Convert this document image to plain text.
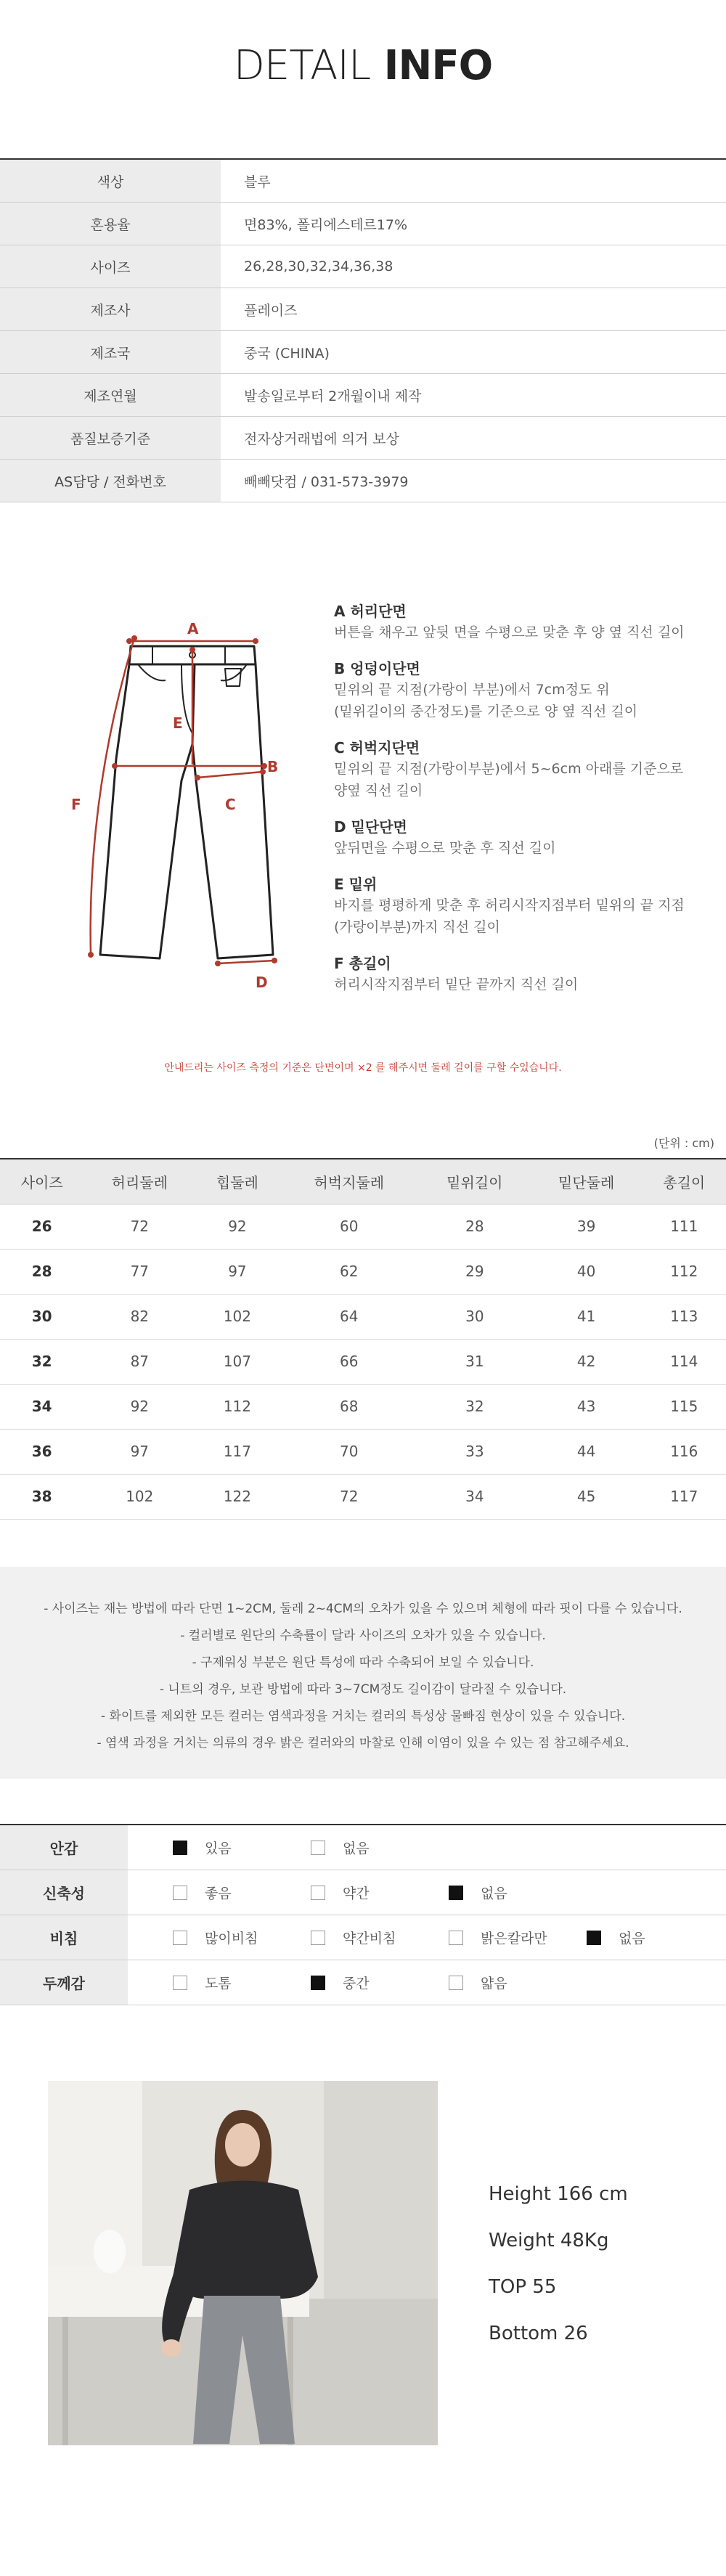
DETAIL INFO
색상	블루
혼용율	면83%, 폴리에스테르17%
사이즈	26,28,30,32,34,36,38
제조사	플레이즈
제조국	중국 (CHINA)
제조연월	발송일로부터 2개월이내 제작
품질보증기준	전자상거래법에 의거 보상
AS담당 / 전화번호	빼빼닷컴 / 031-573-3979
A
B
C
D
E
F
A 허리단면
버튼을 채우고 앞뒷 면을 수평으로 맞춘 후 양 옆 직선 길이
B 엉덩이단면
밑위의 끝 지점(가랑이 부분)에서 7cm정도 위
(밑위길이의 중간정도)를 기준으로 양 옆 직선 길이
C 허벅지단면
밑위의 끝 지점(가랑이부분)에서 5~6cm 아래를 기준으로
양옆 직선 길이
D 밑단단면
앞뒤면을 수평으로 맞춘 후 직선 길이
E 밑위
바지를 평평하게 맞춘 후 허리시작지점부터 밑위의 끝 지점
(가랑이부분)까지 직선 길이
F 총길이
허리시작지점부터 밑단 끝까지 직선 길이
안내드리는 사이즈 측정의 기준은 단면이며 ×2 를 해주시면 둘레 길이를 구할 수있습니다.
(단위 : cm)
사이즈	허리둘레	힙둘레	허벅지둘레	밑위길이	밑단둘레	총길이
26	72	92	60	28	39	111
28	77	97	62	29	40	112
30	82	102	64	30	41	113
32	87	107	66	31	42	114
34	92	112	68	32	43	115
36	97	117	70	33	44	116
38	102	122	72	34	45	117
- 사이즈는 재는 방법에 따라 단면 1~2CM, 둘레 2~4CM의 오차가 있을 수 있으며 체형에 따라 핏이 다를 수 있습니다.
- 컬러별로 원단의 수축률이 달라 사이즈의 오차가 있을 수 있습니다.
- 구제워싱 부분은 원단 특성에 따라 수축되어 보일 수 있습니다.
- 니트의 경우, 보관 방법에 따라 3~7CM정도 길이감이 달라질 수 있습니다.
- 화이트를 제외한 모든 컬러는 염색과정을 거치는 컬러의 특성상 물빠짐 현상이 있을 수 있습니다.
- 염색 과정을 거치는 의류의 경우 밝은 컬러와의 마찰로 인해 이염이 있을 수 있는 점 참고해주세요.
안감	있음	없음
신축성	좋음	약간	없음
비침	많이비침	약간비침	밝은칼라만	없음
두께감	도톰	중간	얇음
Height 166 cm
Weight 48Kg
TOP 55
Bottom 26
